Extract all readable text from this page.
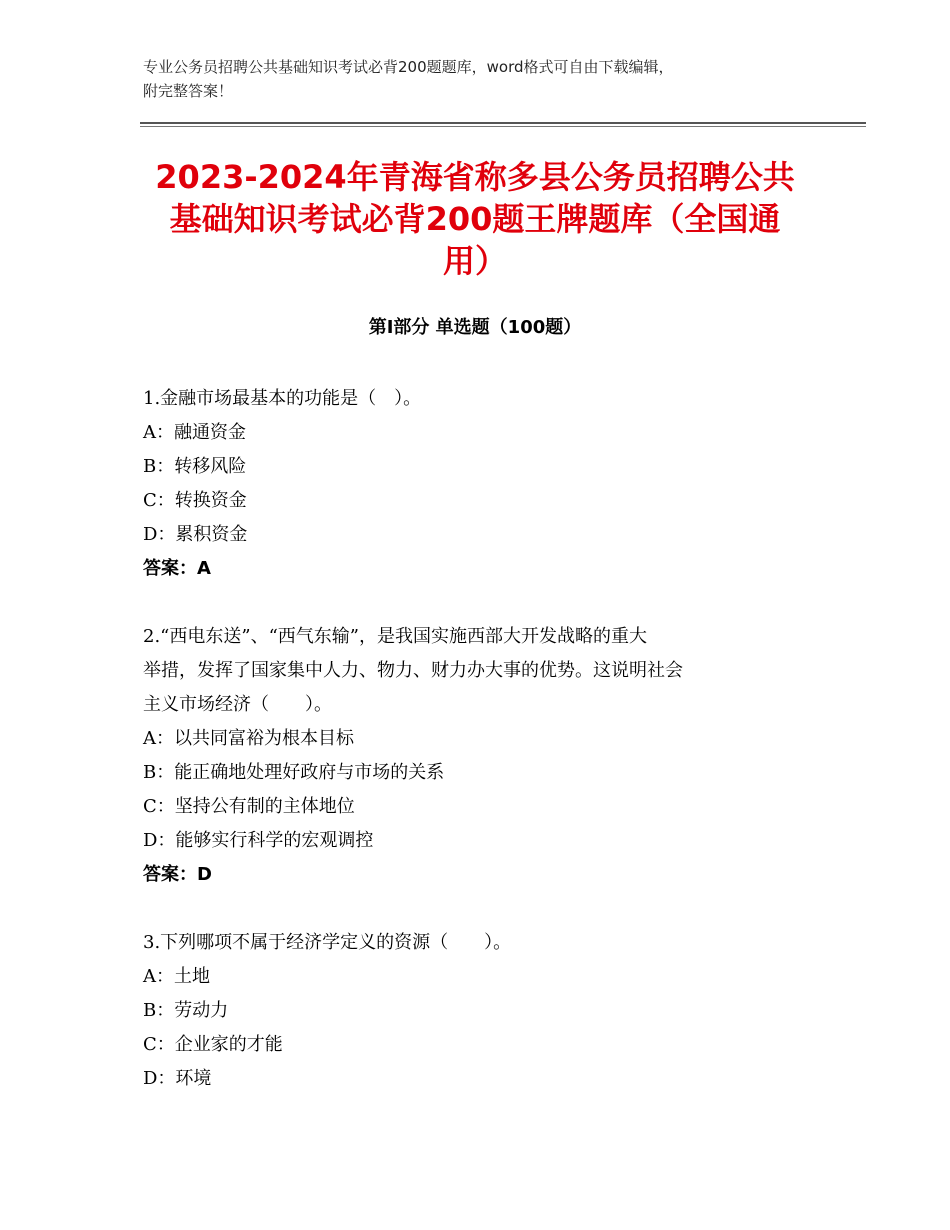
专业公务员招聘公共基础知识考试必背200题题库，word格式可自由下载编辑，
附完整答案！
2023-2024年青海省称多县公务员招聘公共
基础知识考试必背200题王牌题库（全国通
用）
第Ⅰ部分 单选题（100题）
1.金融市场最基本的功能是（　）。
A：融通资金
B：转移风险
C：转换资金
D：累积资金
答案：A
2.“西电东送”、“西气东输”，是我国实施西部大开发战略的重大
举措，发挥了国家集中人力、物力、财力办大事的优势。这说明社会
主义市场经济（　　）。
A：以共同富裕为根本目标
B：能正确地处理好政府与市场的关系
C：坚持公有制的主体地位
D：能够实行科学的宏观调控
答案：D
3.下列哪项不属于经济学定义的资源（　　）。
A：土地
B：劳动力
C：企业家的才能
D：环境
